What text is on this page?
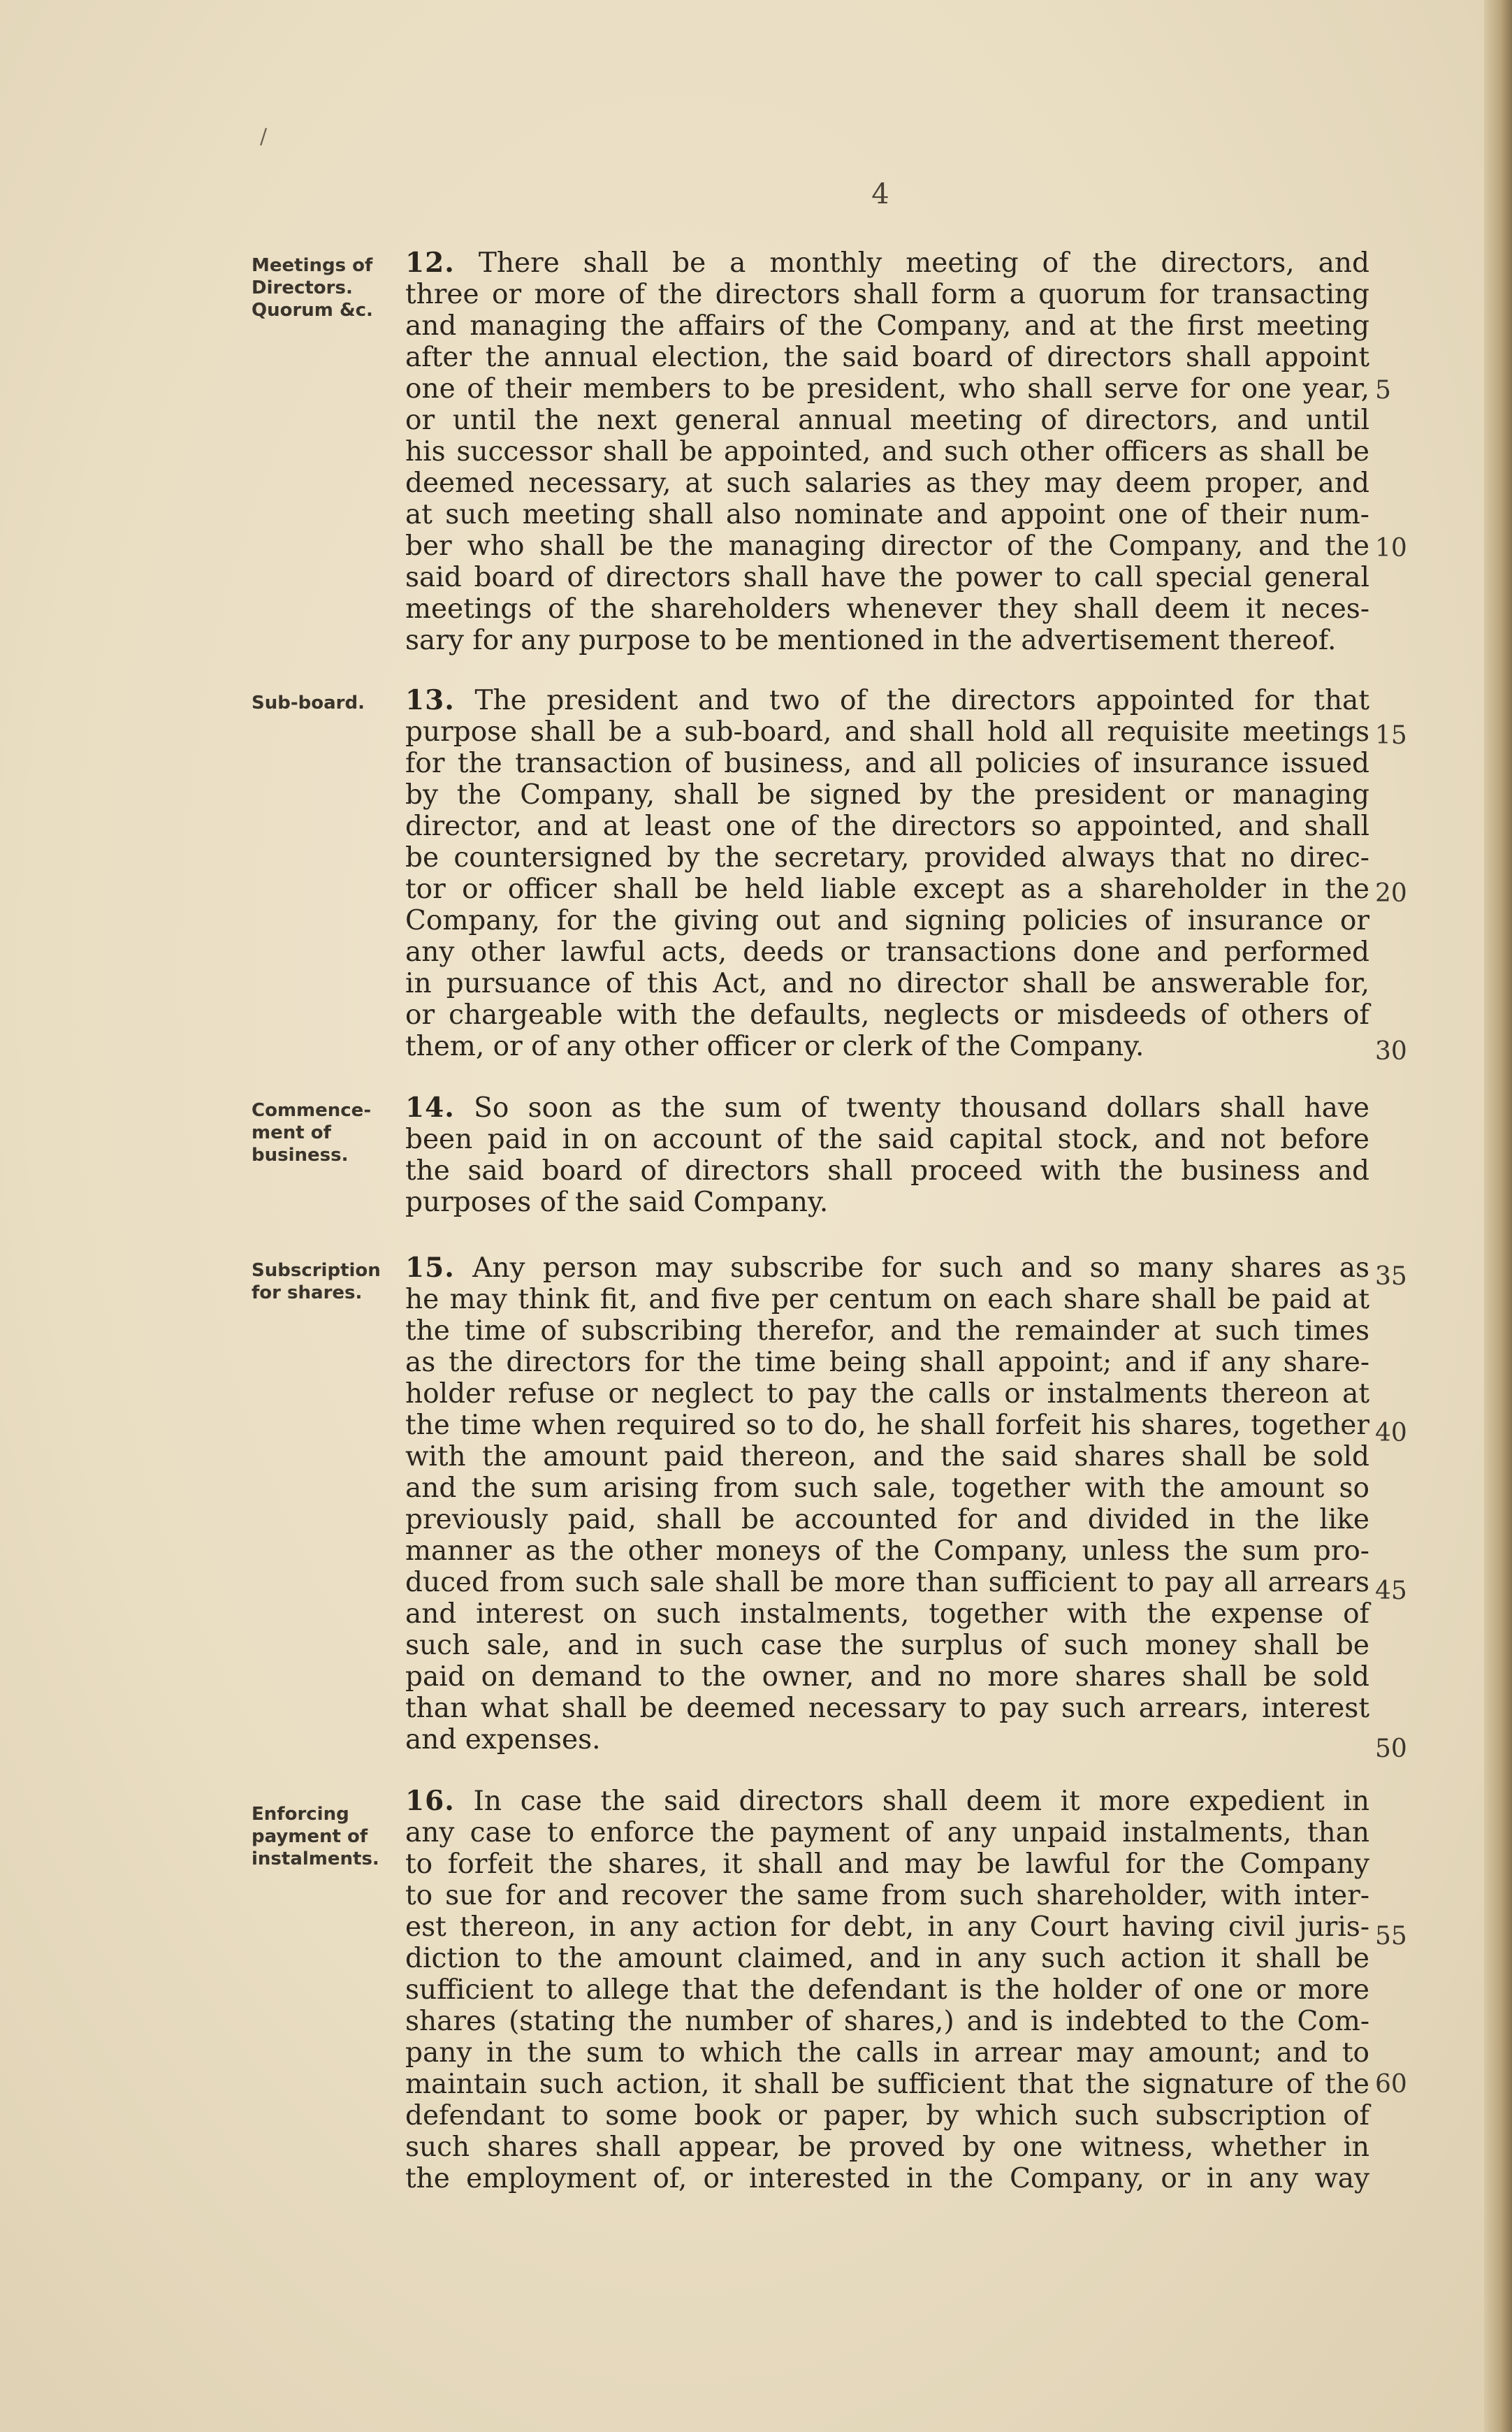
/
4
Meetings of
Directors.
Quorum &c.
Sub-board.
Commence-
ment of
business.
Subscription
for shares.
Enforcing
payment of
instalments.
12. There shall be a monthly meeting of the directors, and
three or more of the directors shall form a quorum for transacting
and managing the affairs of the Company, and at the first meeting
after the annual election, the said board of directors shall appoint
one of their members to be president, who shall serve for one year,
or until the next general annual meeting of directors, and until
his successor shall be appointed, and such other officers as shall be
deemed necessary, at such salaries as they may deem proper, and
at such meeting shall also nominate and appoint one of their num-
ber who shall be the managing director of the Company, and the
said board of directors shall have the power to call special general
meetings of the shareholders whenever they shall deem it neces-
sary for any purpose to be mentioned in the advertisement thereof.
13. The president and two of the directors appointed for that
purpose shall be a sub-board, and shall hold all requisite meetings
for the transaction of business, and all policies of insurance issued
by the Company, shall be signed by the president or managing
director, and at least one of the directors so appointed, and shall
be countersigned by the secretary, provided always that no direc-
tor or officer shall be held liable except as a shareholder in the
Company, for the giving out and signing policies of insurance or
any other lawful acts, deeds or transactions done and performed
in pursuance of this Act, and no director shall be answerable for,
or chargeable with the defaults, neglects or misdeeds of others of
them, or of any other officer or clerk of the Company.
14. So soon as the sum of twenty thousand dollars shall have
been paid in on account of the said capital stock, and not before
the said board of directors shall proceed with the business and
purposes of the said Company.
15. Any person may subscribe for such and so many shares as
he may think fit, and five per centum on each share shall be paid at
the time of subscribing therefor, and the remainder at such times
as the directors for the time being shall appoint; and if any share-
holder refuse or neglect to pay the calls or instalments thereon at
the time when required so to do, he shall forfeit his shares, together
with the amount paid thereon, and the said shares shall be sold
and the sum arising from such sale, together with the amount so
previously paid, shall be accounted for and divided in the like
manner as the other moneys of the Company, unless the sum pro-
duced from such sale shall be more than sufficient to pay all arrears
and interest on such instalments, together with the expense of
such sale, and in such case the surplus of such money shall be
paid on demand to the owner, and no more shares shall be sold
than what shall be deemed necessary to pay such arrears, interest
and expenses.
16. In case the said directors shall deem it more expedient in
any case to enforce the payment of any unpaid instalments, than
to forfeit the shares, it shall and may be lawful for the Company
to sue for and recover the same from such shareholder, with inter-
est thereon, in any action for debt, in any Court having civil juris-
diction to the amount claimed, and in any such action it shall be
sufficient to allege that the defendant is the holder of one or more
shares (stating the number of shares,) and is indebted to the Com-
pany in the sum to which the calls in arrear may amount; and to
maintain such action, it shall be sufficient that the signature of the
defendant to some book or paper, by which such subscription of
such shares shall appear, be proved by one witness, whether in
the employment of, or interested in the Company, or in any way
5
10
15
20
30
35
40
45
50
55
60
